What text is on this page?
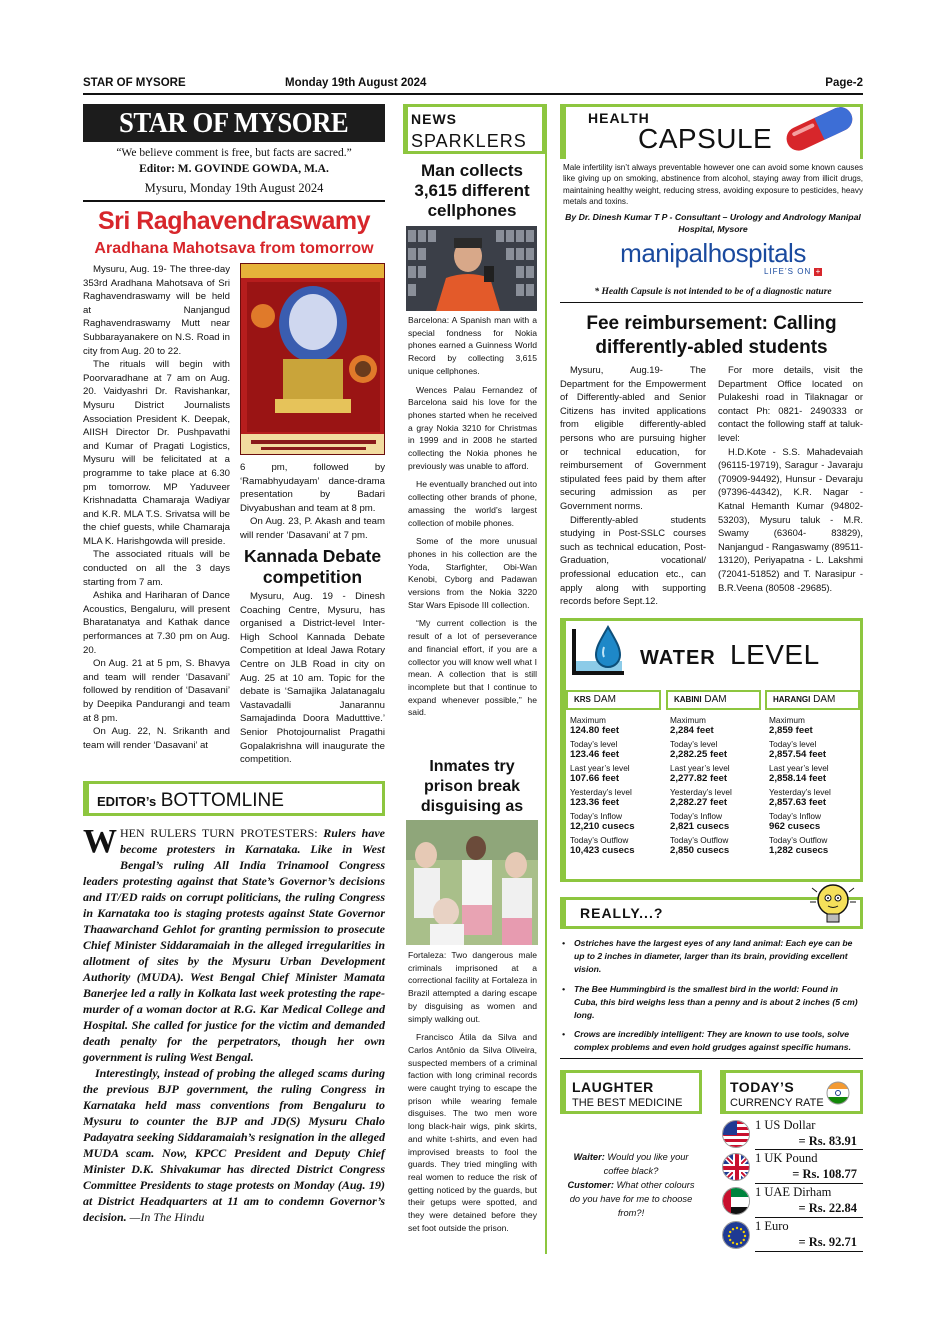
STAR OF MYSORE	Monday 19th August 2024	Page-2
STAR OF MYSORE
“We believe comment is free, but facts are sacred.”
Editor: M. GOVINDE GOWDA, M.A.
Mysuru, Monday 19th August 2024
Sri Raghavendraswamy
Aradhana Mahotsava from tomorrow

Mysuru, Aug. 19- The three-day 353rd Aradhana Mahotsava of Sri Raghavendraswamy will be held at Nanjangud Raghavendraswamy Mutt near Subbarayanakere on N.S. Road in city from Aug. 20 to 22.

The rituals will begin with Poorvaradhane at 7 am on Aug. 20. Vaidyashri Dr. Ravishankar, Mysuru District Journalists Association President K. Deepak, AIISH Director Dr. Pushpavathi and Kumar of Pragati Logistics, Mysuru will be felicitated at a programme to take place at 6.30 pm tomorrow. MP Yaduveer Krishnadatta Chamaraja Wadiyar and K.R. MLA T.S. Srivatsa will be the chief guests, while Chamaraja MLA K. Harishgowda will preside.

The associated rituals will be conducted on all the 3 days starting from 7 am.

Ashika and Hariharan of Dance Acoustics, Bengaluru, will present Bharatanatya and Kathak dance performances at 7.30 pm on Aug. 20.

On Aug. 21 at 5 pm, S. Bhavya and team will render ‘Dasavani’ followed by rendition of ‘Dasavani’ by Deepika Pandurangi and team at 8 pm.

On Aug. 22, N. Srikanth and team will render ‘Dasavani’ at

6 pm, followed by ‘Ramabhyudayam’ dance-drama presentation by Badari Divyabushan and team at 8 pm.

On Aug. 23, P. Akash and team will render ‘Dasavani’ at 7 pm.

Kannada Debate competition

Mysuru, Aug. 19 - Dinesh Coaching Centre, Mysuru, has organised a District-level Inter-High School Kannada Debate Competition at Ideal Jawa Rotary Centre on JLB Road in city on Aug. 25 at 10 am. Topic for the debate is ‘Samajika Jalatanagalu Vastavadalli Janarannu Samajadinda Doora Madutttive.’ Senior Photojournalist Pragathi Gopalakrishna will inaugurate the competition.

EDITOR’s BOTTOMLINE
WHEN RULERS TURN PROTESTERS: Rulers have become protesters in Karnataka. Like in West Bengal’s ruling All India Trinamool Congress leaders protesting against that State’s Governor’s decisions and IT/ED raids on corrupt politicians, the ruling Congress in Karnataka too is staging protests against State Governor Thaawarchand Gehlot for granting permission to prosecute Chief Minister Siddaramaiah in the alleged irregularities in allotment of sites by the Mysuru Urban Development Authority (MUDA). West Bengal Chief Minister Mamata Banerjee led a rally in Kolkata last week protesting the rape-murder of a woman doctor at R.G. Kar Medical College and Hospital. She called for justice for the victim and demanded death penalty for the perpetrators, though her own government is ruling West Bengal.
Interestingly, instead of probing the alleged scams during the previous BJP government, the ruling Congress in Karnataka held mass conventions from Bengaluru to Mysuru to counter the BJP and JD(S) Mysuru Chalo Padayatra seeking Siddaramaiah’s resignation in the alleged MUDA scam. Now, KPCC President and Deputy Chief Minister D.K. Shivakumar has directed District Congress Committee Presidents to stage protests on Monday (Aug. 19) at District Headquarters at 11 am to condemn Governor’s decision. —In The Hindu
NEWS
SPARKLERS
Man collects 3,615 different cellphones

Barcelona: A Spanish man with a special fondness for Nokia phones earned a Guinness World Record by collecting 3,615 unique cellphones.

Wences Palau Fernandez of Barcelona said his love for the phones started when he received a gray Nokia 3210 for Christmas in 1999 and in 2008 he started collecting the Nokia phones he previously was unable to afford.

He eventually branched out into collecting other brands of phone, amassing the world’s largest collection of mobile phones.

Some of the more unusual phones in his collection are the Yoda, Starfighter, Obi-Wan Kenobi, Cyborg and Padawan versions from the Nokia 3220 Star Wars Episode III collection.

“My current collection is the result of a lot of perseverance and financial effort, if you are a collector you will know well what I mean. A collection that is still incomplete but that I continue to expand whenever possible,” he said.

Inmates try prison break disguising as

Fortaleza: Two dangerous male criminals imprisoned at a correctional facility at Fortaleza in Brazil attempted a daring escape by disguising as women and simply walking out.

Francisco Átila da Silva and Carlos Antônio da Silva Oliveira, suspected members of a criminal faction with long criminal records were caught trying to escape the prison while wearing female disguises. The two men wore long black-hair wigs, pink skirts, and white t-shirts, and even had improvised breasts to fool the guards. They tried mingling with real women to reduce the risk of getting noticed by the guards, but their getups were spotted, and they were detained before they set foot outside the prison.

HEALTH
CAPSULE
Male infertility isn’t always preventable however one can avoid some known causes like giving up on smoking, abstinence from alcohol, staying away from illicit drugs, maintaining healthy weight, reducing stress, avoiding exposure to pesticides, heavy metals and toxins.
By Dr. Dinesh Kumar T P - Consultant – Urology and Andrology Manipal Hospital, Mysore
manipalhospitals
LIFE’S ON +
* Health Capsule is not intended to be of a diagnostic nature
Fee reimbursement: Calling differently-abled students

Mysuru, Aug.19- The Department for the Empowerment of Differently-abled and Senior Citizens has invited applications from eligible differently-abled persons who are pursuing higher or technical education, for reimbursement of Government stipulated fees paid by them after securing admission as per Government norms.

Differently-abled students studying in Post-SSLC courses such as technical education, Post-Graduation, vocational/ professional education etc., can apply along with supporting records before Sept.12.

For more details, visit the Department Office located on Pulakeshi road in Tilaknagar or contact Ph: 0821- 2490333 or contact the following staff at taluk-level:

H.D.Kote - S.S. Mahadevaiah (96115-19719), Saragur - Javaraju (70909-94492), Hunsur - Devaraju (97396-44342), K.R. Nagar - Katnal Hemanth Kumar (94802-53203), Mysuru taluk - M.R. Swamy (63604- 83829), Nanjangud - Rangaswamy (89511-13120), Periyapatna - L. Lakshmi (72041-51852) and T. Narasipur - B.R.Veena (80508 -29685).

WATER LEVEL
KRS DAM
Maximum
124.80 feet
Today’s level
123.46 feet
Last year’s level
107.66 feet
Yesterday’s level
123.36 feet
Today’s Inflow
12,210 cusecs
Today’s Outflow
10,423 cusecs
KABINI DAM
Maximum
2,284 feet
Today’s level
2,282.25 feet
Last year’s level
2,277.82 feet
Yesterday’s level
2,282.27 feet
Today’s Inflow
2,821 cusecs
Today’s Outflow
2,850 cusecs
HARANGI DAM
Maximum
2,859 feet
Today’s level
2,857.54 feet
Last year’s level
2,858.14 feet
Yesterday’s level
2,857.63 feet
Today’s Inflow
962 cusecs
Today’s Outflow
1,282 cusecs
REALLY...?
• Ostriches have the largest eyes of any land animal: Each eye can be up to 2 inches in diameter, larger than its brain, providing excellent vision.
• The Bee Hummingbird is the smallest bird in the world: Found in Cuba, this bird weighs less than a penny and is about 2 inches (5 cm) long.
• Crows are incredibly intelligent: They are known to use tools, solve complex problems and even hold grudges against specific humans.
LAUGHTER
THE BEST MEDICINE
Waiter: Would you like your coffee black?
Customer: What other colours do you have for me to choose from?!
TODAY’S
CURRENCY RATE
1 US Dollar
= Rs. 83.91
1 UK Pound
= Rs. 108.77
1 UAE Dirham
= Rs. 22.84
1 Euro
= Rs. 92.71
